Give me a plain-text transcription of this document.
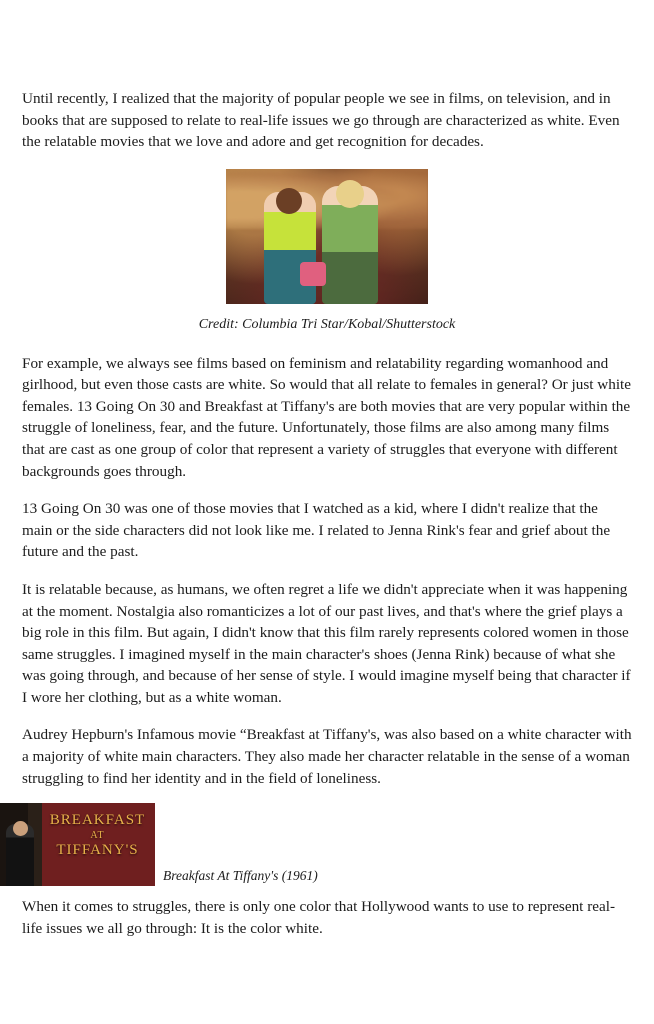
Until recently, I realized that the majority of popular people we see in films, on television, and in books that are supposed to relate to real-life issues we go through are characterized as white. Even the relatable movies that we love and adore and get recognition for decades.

Credit: Columbia Tri Star/Kobal/Shutterstock

For example, we always see films based on feminism and relatability regarding womanhood and girlhood, but even those casts are white. So would that all relate to females in general? Or just white females. 13 Going On 30 and Breakfast at Tiffany's are both movies that are very popular within the struggle of loneliness, fear, and the future. Unfortunately, those films are also among many films that are cast as one group of color that represent a variety of struggles that everyone with different backgrounds goes through.

13 Going On 30 was one of those movies that I watched as a kid, where I didn't realize that the main or the side characters did not look like me. I related to Jenna Rink's fear and grief about the future and the past.

It is relatable because, as humans, we often regret a life we didn't appreciate when it was happening at the moment. Nostalgia also romanticizes a lot of our past lives, and that's where the grief plays a big role in this film. But again, I didn't know that this film rarely represents colored women in those same struggles. I imagined myself in the main character's shoes (Jenna Rink) because of what she was going through, and because of her sense of style. I would imagine myself being that character if I wore her clothing, but as a white woman.

Audrey Hepburn's Infamous movie “Breakfast at Tiffany's, was also based on a white character with a majority of white main characters. They also made her character relatable in the sense of a woman struggling to find her identity and in the field of loneliness.

BREAKFAST
AT
TIFFANY'S
Breakfast At Tiffany's (1961)

When it comes to struggles, there is only one color that Hollywood wants to use to represent real-life issues we all go through: It is the color white.
